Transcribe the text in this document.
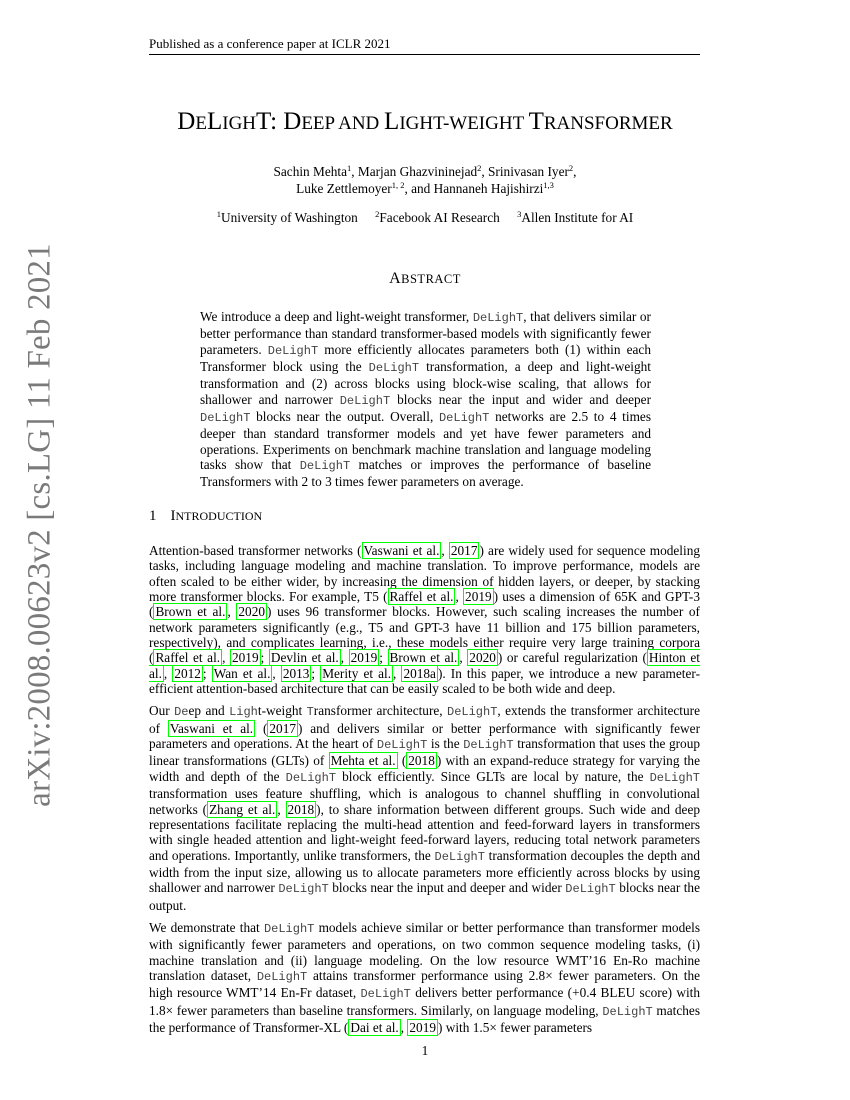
Published as a conference paper at ICLR 2021
arXiv:2008.00623v2 [cs.LG] 11 Feb 2021
DELIGHT: DEEP AND LIGHT-WEIGHT TRANSFORMER
Sachin Mehta$^1$, Marjan Ghazvininejad$^2$, Srinivasan Iyer$^2$,
Luke Zettlemoyer$^{1, 2}$, and Hannaneh Hajishirzi$^{1,3}$
$^1$University of Washington $^2$Facebook AI Research $^3$Allen Institute for AI
ABSTRACT

We introduce a deep and light-weight transformer, DeLighT, that delivers similar or better performance than standard transformer-based models with significantly fewer parameters. DeLighT more efficiently allocates parameters both (1) within each Transformer block using the DeLighT transformation, a deep and light-weight transformation and (2) across blocks using block-wise scaling, that allows for shallower and narrower DeLighT blocks near the input and wider and deeper DeLighT blocks near the output. Overall, DeLighT networks are 2.5 to 4 times deeper than standard transformer models and yet have fewer parameters and operations. Experiments on benchmark machine translation and language modeling tasks show that DeLighT matches or improves the performance of baseline Transformers with 2 to 3 times fewer parameters on average.

1 INTRODUCTION

Attention-based transformer networks ( Vaswani et al. , 2017 ) are widely used for sequence modeling tasks, including language modeling and machine translation. To improve performance, models are often scaled to be either wider, by increasing the dimension of hidden layers, or deeper, by stacking more transformer blocks. For example, T5 ( Raffel et al. , 2019 ) uses a dimension of 65K and GPT-3 ( Brown et al. , 2020 ) uses 96 transformer blocks. However, such scaling increases the number of network parameters significantly (e.g., T5 and GPT-3 have 11 billion and 175 billion parameters, respectively), and complicates learning, i.e., these models either require very large training corpora ( Raffel et al. , 2019 ; Devlin et al. , 2019 ; Brown et al. , 2020 ) or careful regularization ( Hinton et al. , 2012 ; Wan et al. , 2013 ; Merity et al. , 2018a ). In this paper, we introduce a new parameter-efficient attention-based architecture that can be easily scaled to be both wide and deep.

Our Deep and Light-weight Transformer architecture, DeLighT, extends the transformer architecture of Vaswani et al. ( 2017 ) and delivers similar or better performance with significantly fewer parameters and operations. At the heart of DeLighT is the DeLighT transformation that uses the group linear transformations (GLTs) of Mehta et al. ( 2018 ) with an expand-reduce strategy for varying the width and depth of the DeLighT block efficiently. Since GLTs are local by nature, the DeLighT transformation uses feature shuffling, which is analogous to channel shuffling in convolutional networks ( Zhang et al. , 2018 ), to share information between different groups. Such wide and deep representations facilitate replacing the multi-head attention and feed-forward layers in transformers with single headed attention and light-weight feed-forward layers, reducing total network parameters and operations. Importantly, unlike transformers, the DeLighT transformation decouples the depth and width from the input size, allowing us to allocate parameters more efficiently across blocks by using shallower and narrower DeLighT blocks near the input and deeper and wider DeLighT blocks near the output.

We demonstrate that DeLighT models achieve similar or better performance than transformer models with significantly fewer parameters and operations, on two common sequence modeling tasks, (i) machine translation and (ii) language modeling. On the low resource WMT’16 En-Ro machine translation dataset, DeLighT attains transformer performance using 2.8× fewer parameters. On the high resource WMT’14 En-Fr dataset, DeLighT delivers better performance (+0.4 BLEU score) with 1.8× fewer parameters than baseline transformers. Similarly, on language modeling, DeLighT matches the performance of Transformer-XL ( Dai et al. , 2019 ) with 1.5× fewer parameters

1
